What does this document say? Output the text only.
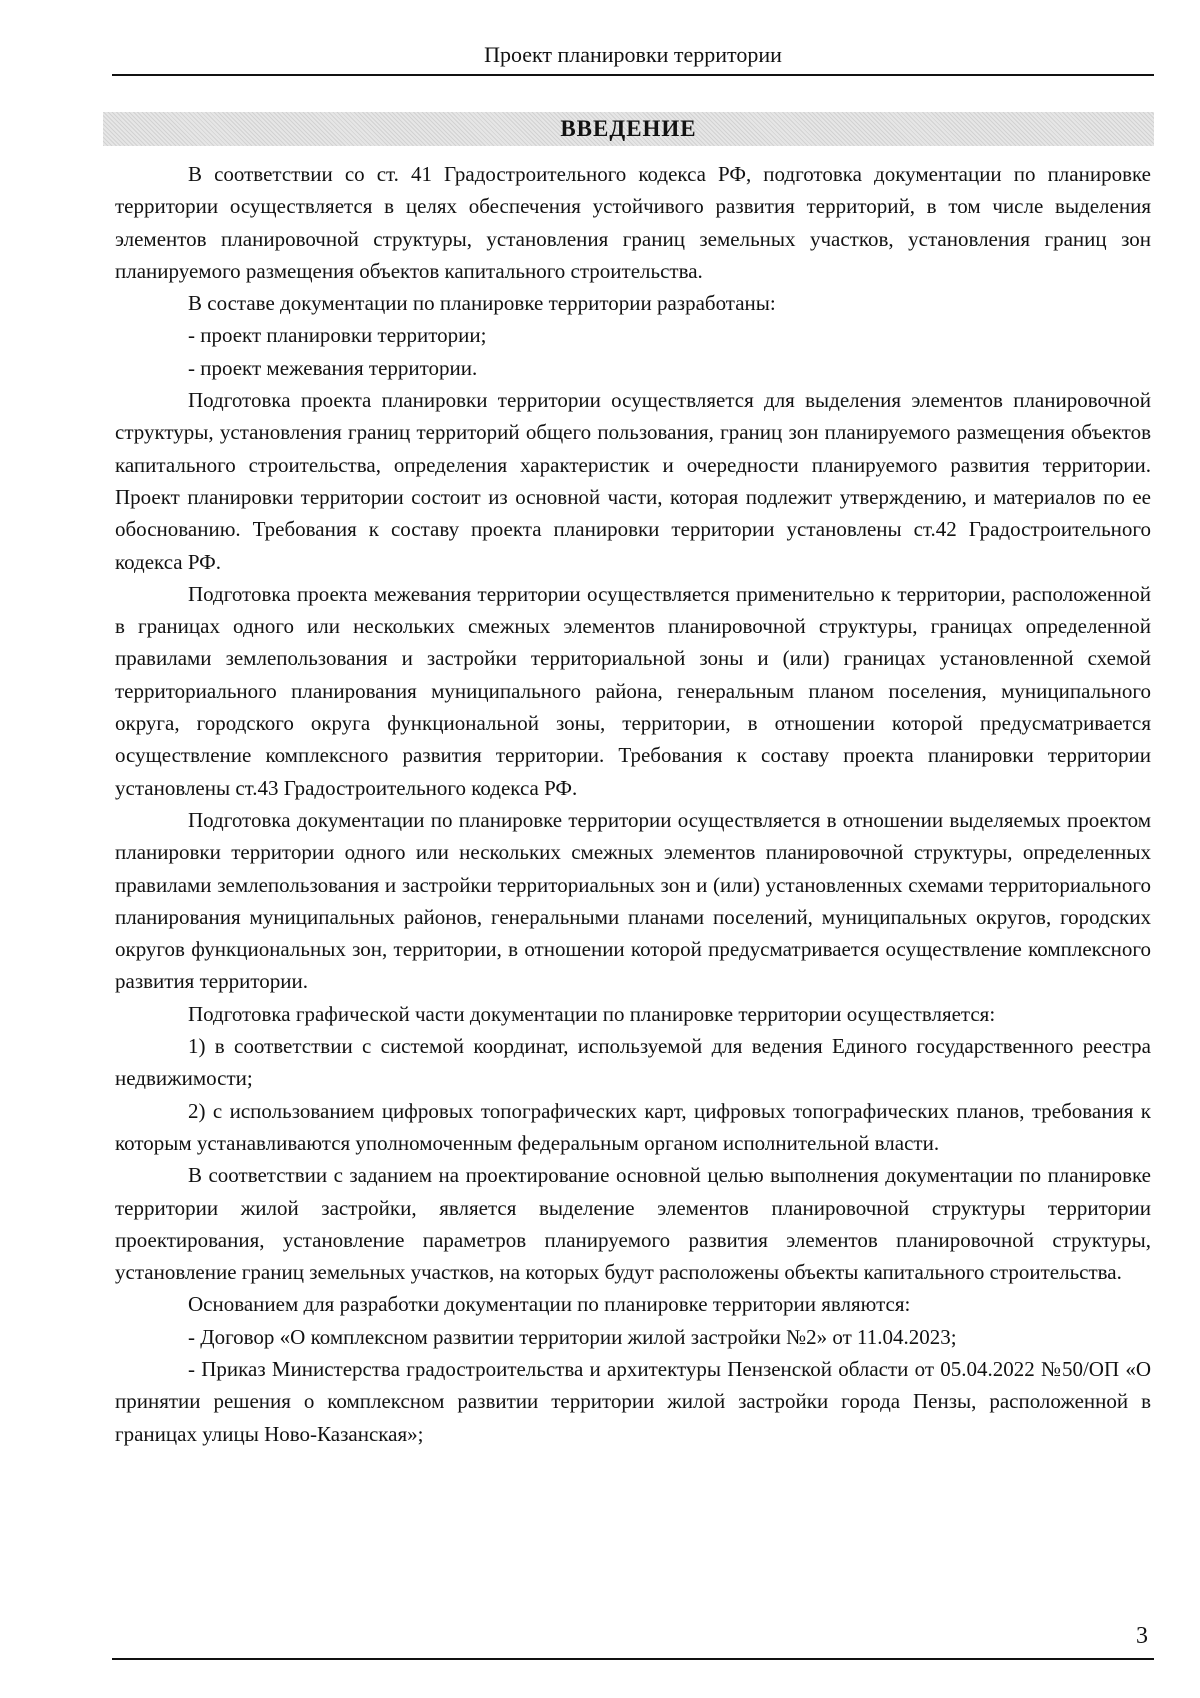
Проект планировки территории
ВВЕДЕНИЕ

В соответствии со ст. 41 Градостроительного кодекса РФ, подготовка документации по планировке территории осуществляется в целях обеспечения устойчивого развития территорий, в том числе выделения элементов планировочной структуры, установления границ земельных участков, установления границ зон планируемого размещения объектов капитального строительства.

В составе документации по планировке территории разработаны:

- проект планировки территории;

- проект межевания территории.

Подготовка проекта планировки территории осуществляется для выделения элементов планировочной структуры, установления границ территорий общего пользования, границ зон планируемого размещения объектов капитального строительства, определения характеристик и очередности планируемого развития территории. Проект планировки территории состоит из основной части, которая подлежит утверждению, и материалов по ее обоснованию. Требования к составу проекта планировки территории установлены ст.42 Градостроительного кодекса РФ.

Подготовка проекта межевания территории осуществляется применительно к территории, расположенной в границах одного или нескольких смежных элементов планировочной структуры, границах определенной правилами землепользования и застройки территориальной зоны и (или) границах установленной схемой территориального планирования муниципального района, генеральным планом поселения, муниципального округа, городского округа функциональной зоны, территории, в отношении которой предусматривается осуществление комплексного развития территории. Требования к составу проекта планировки территории установлены ст.43 Градостроительного кодекса РФ.

Подготовка документации по планировке территории осуществляется в отношении выделяемых проектом планировки территории одного или нескольких смежных элементов планировочной структуры, определенных правилами землепользования и застройки территориальных зон и (или) установленных схемами территориального планирования муниципальных районов, генеральными планами поселений, муниципальных округов, городских округов функциональных зон, территории, в отношении которой предусматривается осуществление комплексного развития территории.

Подготовка графической части документации по планировке территории осуществляется:

1) в соответствии с системой координат, используемой для ведения Единого государственного реестра недвижимости;

2) с использованием цифровых топографических карт, цифровых топографических планов, требования к которым устанавливаются уполномоченным федеральным органом исполнительной власти.

В соответствии с заданием на проектирование основной целью выполнения документации по планировке территории жилой застройки, является выделение элементов планировочной структуры территории проектирования, установление параметров планируемого развития элементов планировочной структуры, установление границ земельных участков, на которых будут расположены объекты капитального строительства.

Основанием для разработки документации по планировке территории являются:

- Договор «О комплексном развитии территории жилой застройки №2» от 11.04.2023;

- Приказ Министерства градостроительства и архитектуры Пензенской области от 05.04.2022 №50/ОП «О принятии решения о комплексном развитии территории жилой застройки города Пензы, расположенной в границах улицы Ново-Казанская»;

3
